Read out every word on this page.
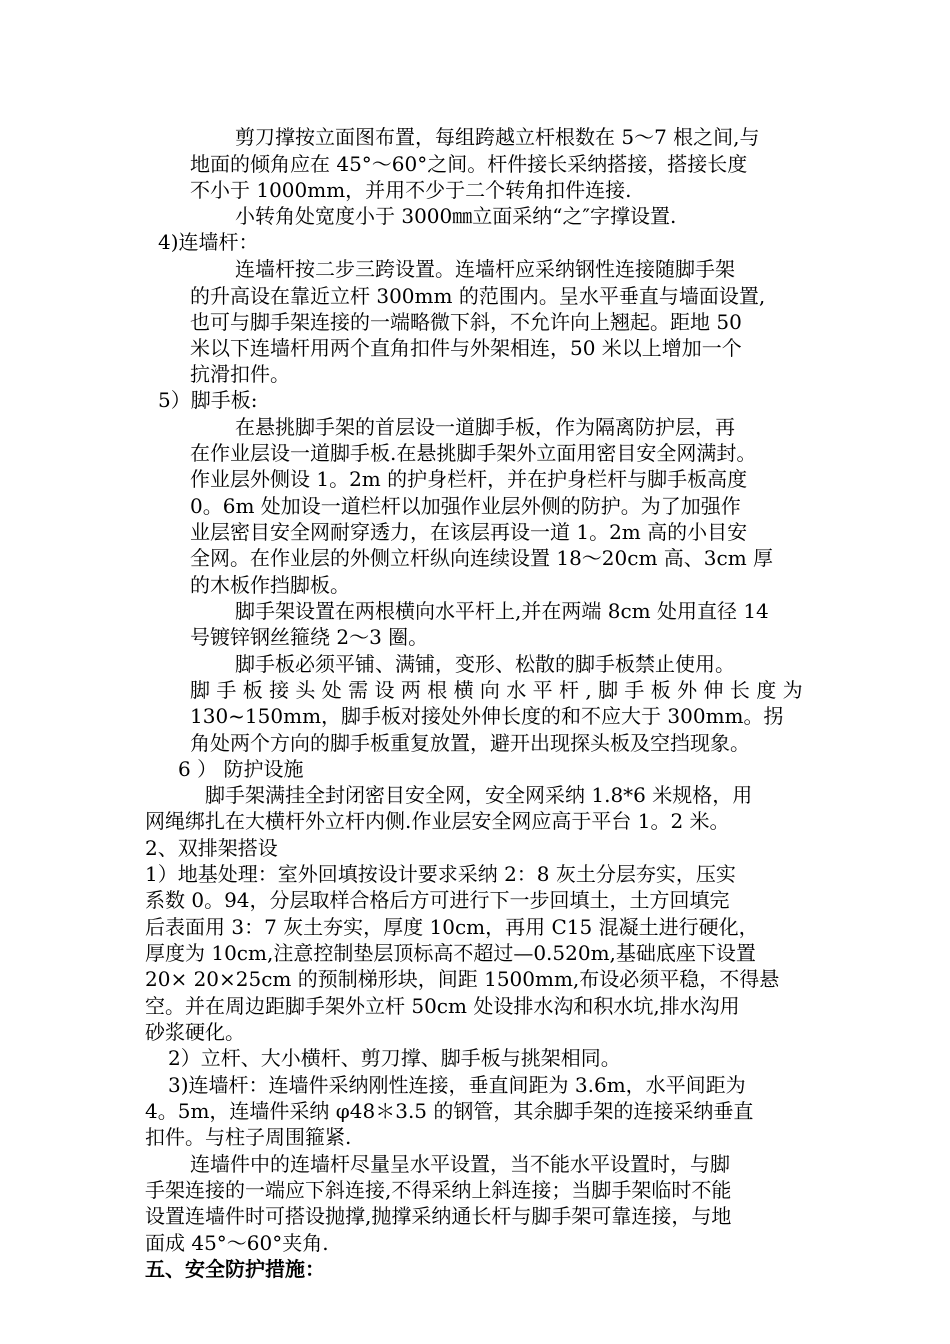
剪刀撑按立面图布置，每组跨越立杆根数在 5～7 根之间,与
地面的倾角应在 45°～60°之间。杆件接长采纳搭接，搭接长度
不小于 1000mm，并用不少于二个转角扣件连接.
小转角处宽度小于 3000㎜立面采纳“之″字撑设置.
4)连墙杆：
连墙杆按二步三跨设置。连墙杆应采纳钢性连接随脚手架
的升高设在靠近立杆 300mm 的范围内。呈水平垂直与墙面设置,
也可与脚手架连接的一端略微下斜，不允许向上翘起。距地 50
米以下连墙杆用两个直角扣件与外架相连，50 米以上增加一个
抗滑扣件。
5）脚手板:
在悬挑脚手架的首层设一道脚手板，作为隔离防护层，再
在作业层设一道脚手板.在悬挑脚手架外立面用密目安全网满封。
作业层外侧设 1。2m 的护身栏杆，并在护身栏杆与脚手板高度
0。6m 处加设一道栏杆以加强作业层外侧的防护。为了加强作
业层密目安全网耐穿透力，在该层再设一道 1。2m 高的小目安
全网。在作业层的外侧立杆纵向连续设置 18～20cm 高、3cm 厚
的木板作挡脚板。
脚手架设置在两根横向水平杆上,并在两端 8cm 处用直径 14
号镀锌钢丝箍绕 2～3 圈。
脚手板必须平铺、满铺，变形、松散的脚手板禁止使用。
脚 手 板 接 头 处 需 设 两 根 横 向 水 平 杆 , 脚 手 板 外 伸 长 度 为
130~150mm，脚手板对接处外伸长度的和不应大于 300mm。拐
角处两个方向的脚手板重复放置，避开出现探头板及空挡现象。
6 ） 防护设施
脚手架满挂全封闭密目安全网，安全网采纳 1.8*6 米规格，用
网绳绑扎在大横杆外立杆内侧.作业层安全网应高于平台 1。2 米。
2、双排架搭设
1）地基处理：室外回填按设计要求采纳 2：8 灰土分层夯实，压实
系数 0。94，分层取样合格后方可进行下一步回填土，土方回填完
后表面用 3：7 灰土夯实，厚度 10cm，再用 C15 混凝土进行硬化，
厚度为 10cm,注意控制垫层顶标高不超过—0.520m,基础底座下设置
20× 20×25cm 的预制梯形块，间距 1500mm,布设必须平稳，不得悬
空。并在周边距脚手架外立杆 50cm 处设排水沟和积水坑,排水沟用
砂浆硬化。
2）立杆、大小横杆、剪刀撑、脚手板与挑架相同。
3)连墙杆：连墙件采纳刚性连接，垂直间距为 3.6m，水平间距为
4。5m，连墙件采纳 φ48＊3.5 的钢管，其余脚手架的连接采纳垂直
扣件。与柱子周围箍紧.
连墙件中的连墙杆尽量呈水平设置，当不能水平设置时，与脚
手架连接的一端应下斜连接,不得采纳上斜连接；当脚手架临时不能
设置连墙件时可搭设抛撑,抛撑采纳通长杆与脚手架可靠连接，与地
面成 45°～60°夹角.
五、安全防护措施：
